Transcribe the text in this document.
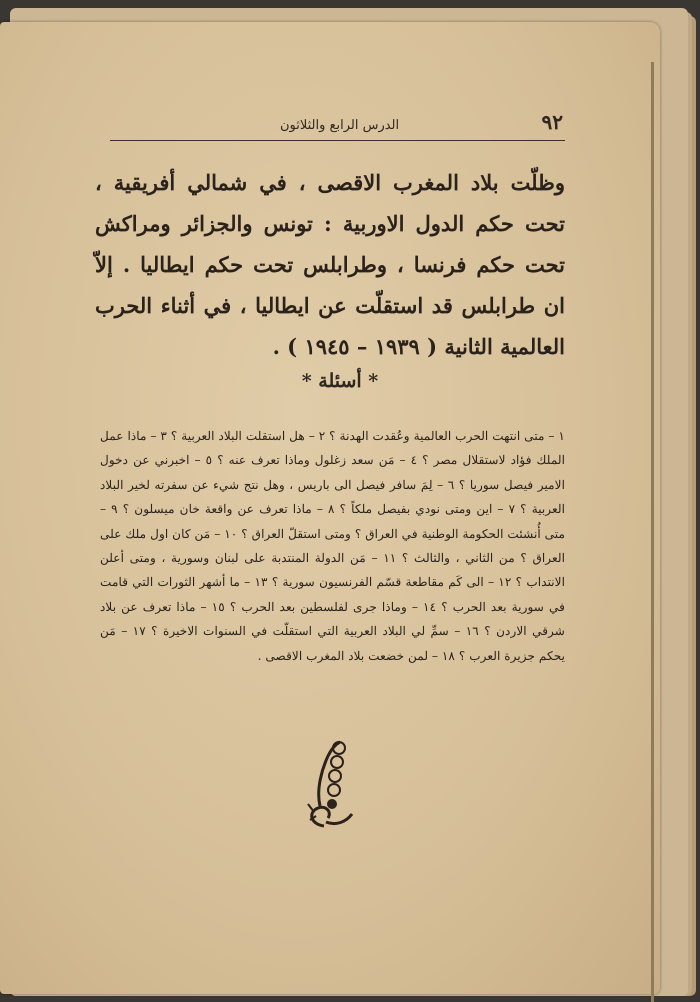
٩٢
الدرس الرابع والثلاثون
وظلّت بلاد المغرب الاقصى ، في شمالي أفريقية ، تحت حكم الدول الاوربية : تونس والجزائر ومراكش تحت حكم فرنسا ، وطرابلس تحت حكم ايطاليا . إلاّ ان طرابلس قد استقلّت عن ايطاليا ، في أثناء الحرب العالمية الثانية ( ١٩٣٩ – ١٩٤٥ ) .
* أسئلة *
١ – متى انتهت الحرب العالمية وعُقدت الهدنة ؟ ٢ – هل استقلت البلاد العربية ؟ ٣ – ماذا عمل الملك فؤاد لاستقلال مصر ؟ ٤ – مَن سعد زغلول وماذا تعرف عنه ؟ ٥ – اخبرني عن دخول الامير فيصل سوريا ؟ ٦ – لِمَ سافر فيصل الى باريس ، وهل نتج شيء عن سفرته لخير البلاد العربية ؟ ٧ – اين ومتى نودي بفيصل ملكاً ؟ ٨ – ماذا تعرف عن واقعة خان ميسلون ؟ ٩ – متى أُنشئت الحكومة الوطنية في العراق ؟ ومتى استقلّ العراق ؟ ١٠ – مَن كان اول ملك على العراق ؟ من الثاني ، والثالث ؟ ١١ – مَن الدولة المنتدبة على لبنان وسورية ، ومتى أعلن الانتداب ؟ ١٢ – الى كَم مقاطعة قسّم الفرنسيون سورية ؟ ١٣ – ما أشهر الثورات التي قامت في سورية بعد الحرب ؟ ١٤ – وماذا جرى لفلسطين بعد الحرب ؟ ١٥ – ماذا تعرف عن بلاد شرقي الاردن ؟ ١٦ – سمِّ لي البلاد العربية التي استقلّت في السنوات الاخيرة ؟ ١٧ – مَن يحكم جزيرة العرب ؟ ١٨ – لمن خضعت بلاد المغرب الاقصى .
